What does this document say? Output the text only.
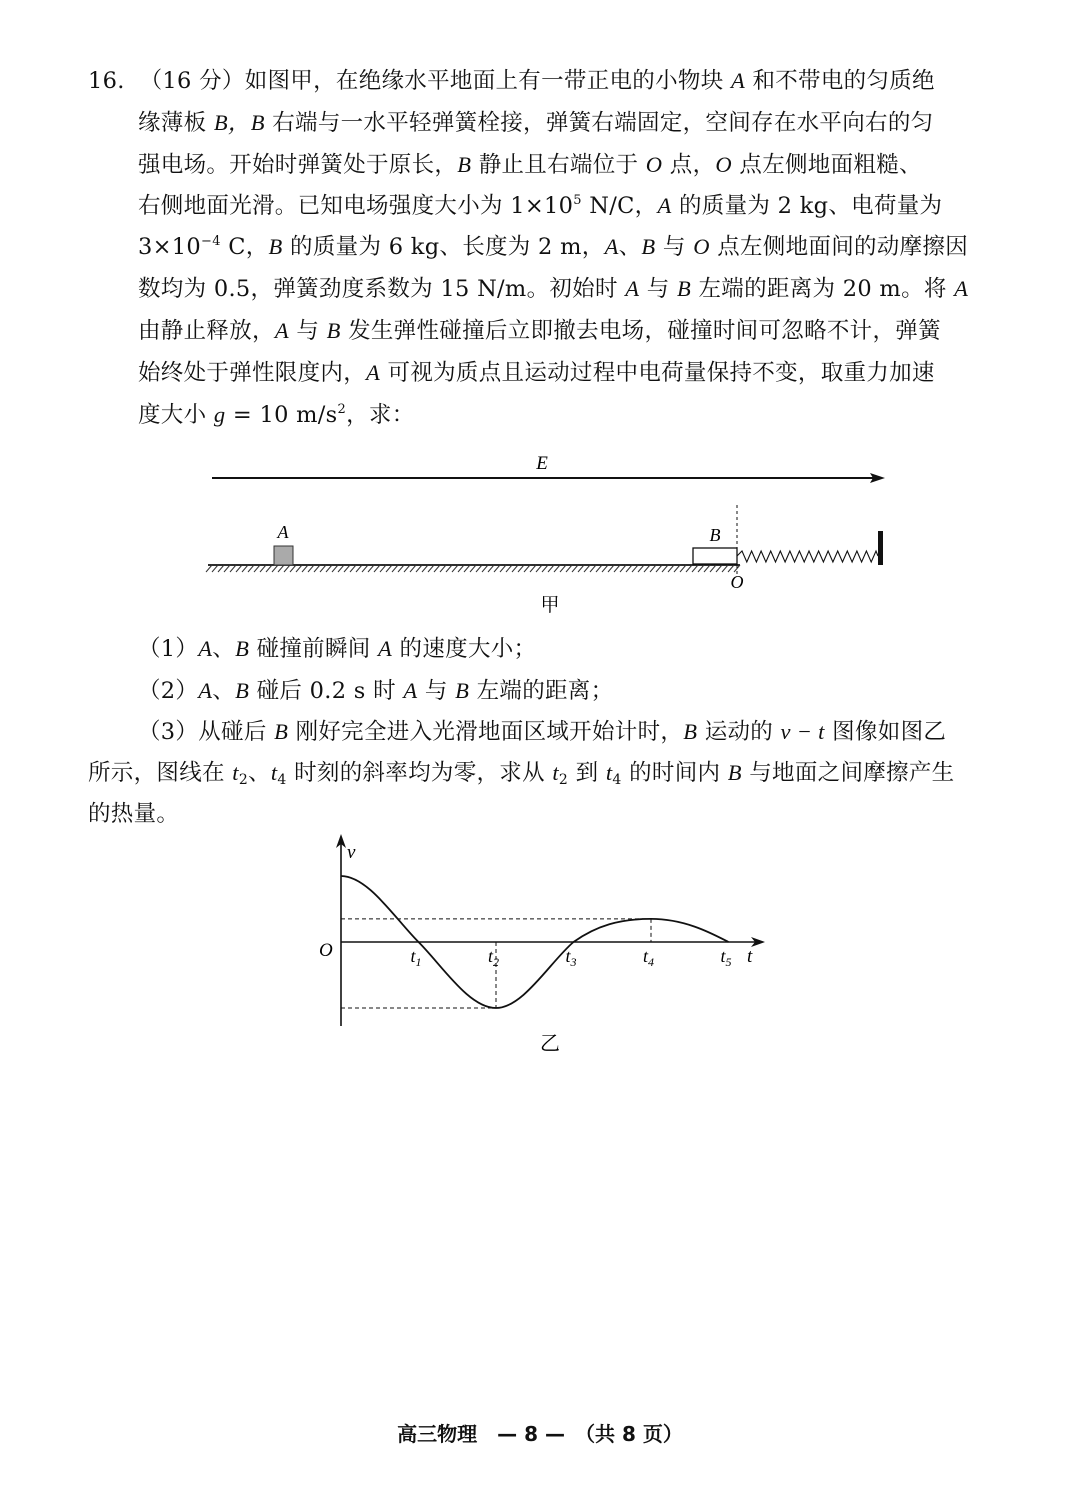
16. （16 分）如图甲，在绝缘水平地面上有一带正电的小物块 A 和不带电的匀质绝
缘薄板 B，B 右端与一水平轻弹簧栓接，弹簧右端固定，空间存在水平向右的匀
强电场。开始时弹簧处于原长，B 静止且右端位于 O 点，O 点左侧地面粗糙、
右侧地面光滑。已知电场强度大小为 $1\times 10^5$ N/C，A 的质量为 2 kg、电荷量为
$3\times 10^{-4}$ C，B 的质量为 6 kg、长度为 2 m，A、B 与 O 点左侧地面间的动摩擦因
数均为 0.5，弹簧劲度系数为 15 N/m。初始时 A 与 B 左端的距离为 20 m。将 A
由静止释放，A 与 B 发生弹性碰撞后立即撤去电场，碰撞时间可忽略不计，弹簧
始终处于弹性限度内，A 可视为质点且运动过程中电荷量保持不变，取重力加速
度大小 g = 10 $m/s^2$，求：
E
A	B
O
甲
（1）A、B 碰撞前瞬间 A 的速度大小；
（2）A、B 碰后 0.2 s 时 A 与 B 左端的距离；
（3）从碰后 B 刚好完全进入光滑地面区域开始计时，B 运动的 v − t 图像如图乙
所示，图线在 $t_2$、$t_4$ 时刻的斜率均为零，求从 $t_2$ 到 $t_4$ 的时间内 B 与地面之间摩擦产生
的热量。
v
t
O	$t_1$	$t_2$	$t_3$	$t_4$	$t_5$
乙
高三物理　— 8 —　（共 8 页）
